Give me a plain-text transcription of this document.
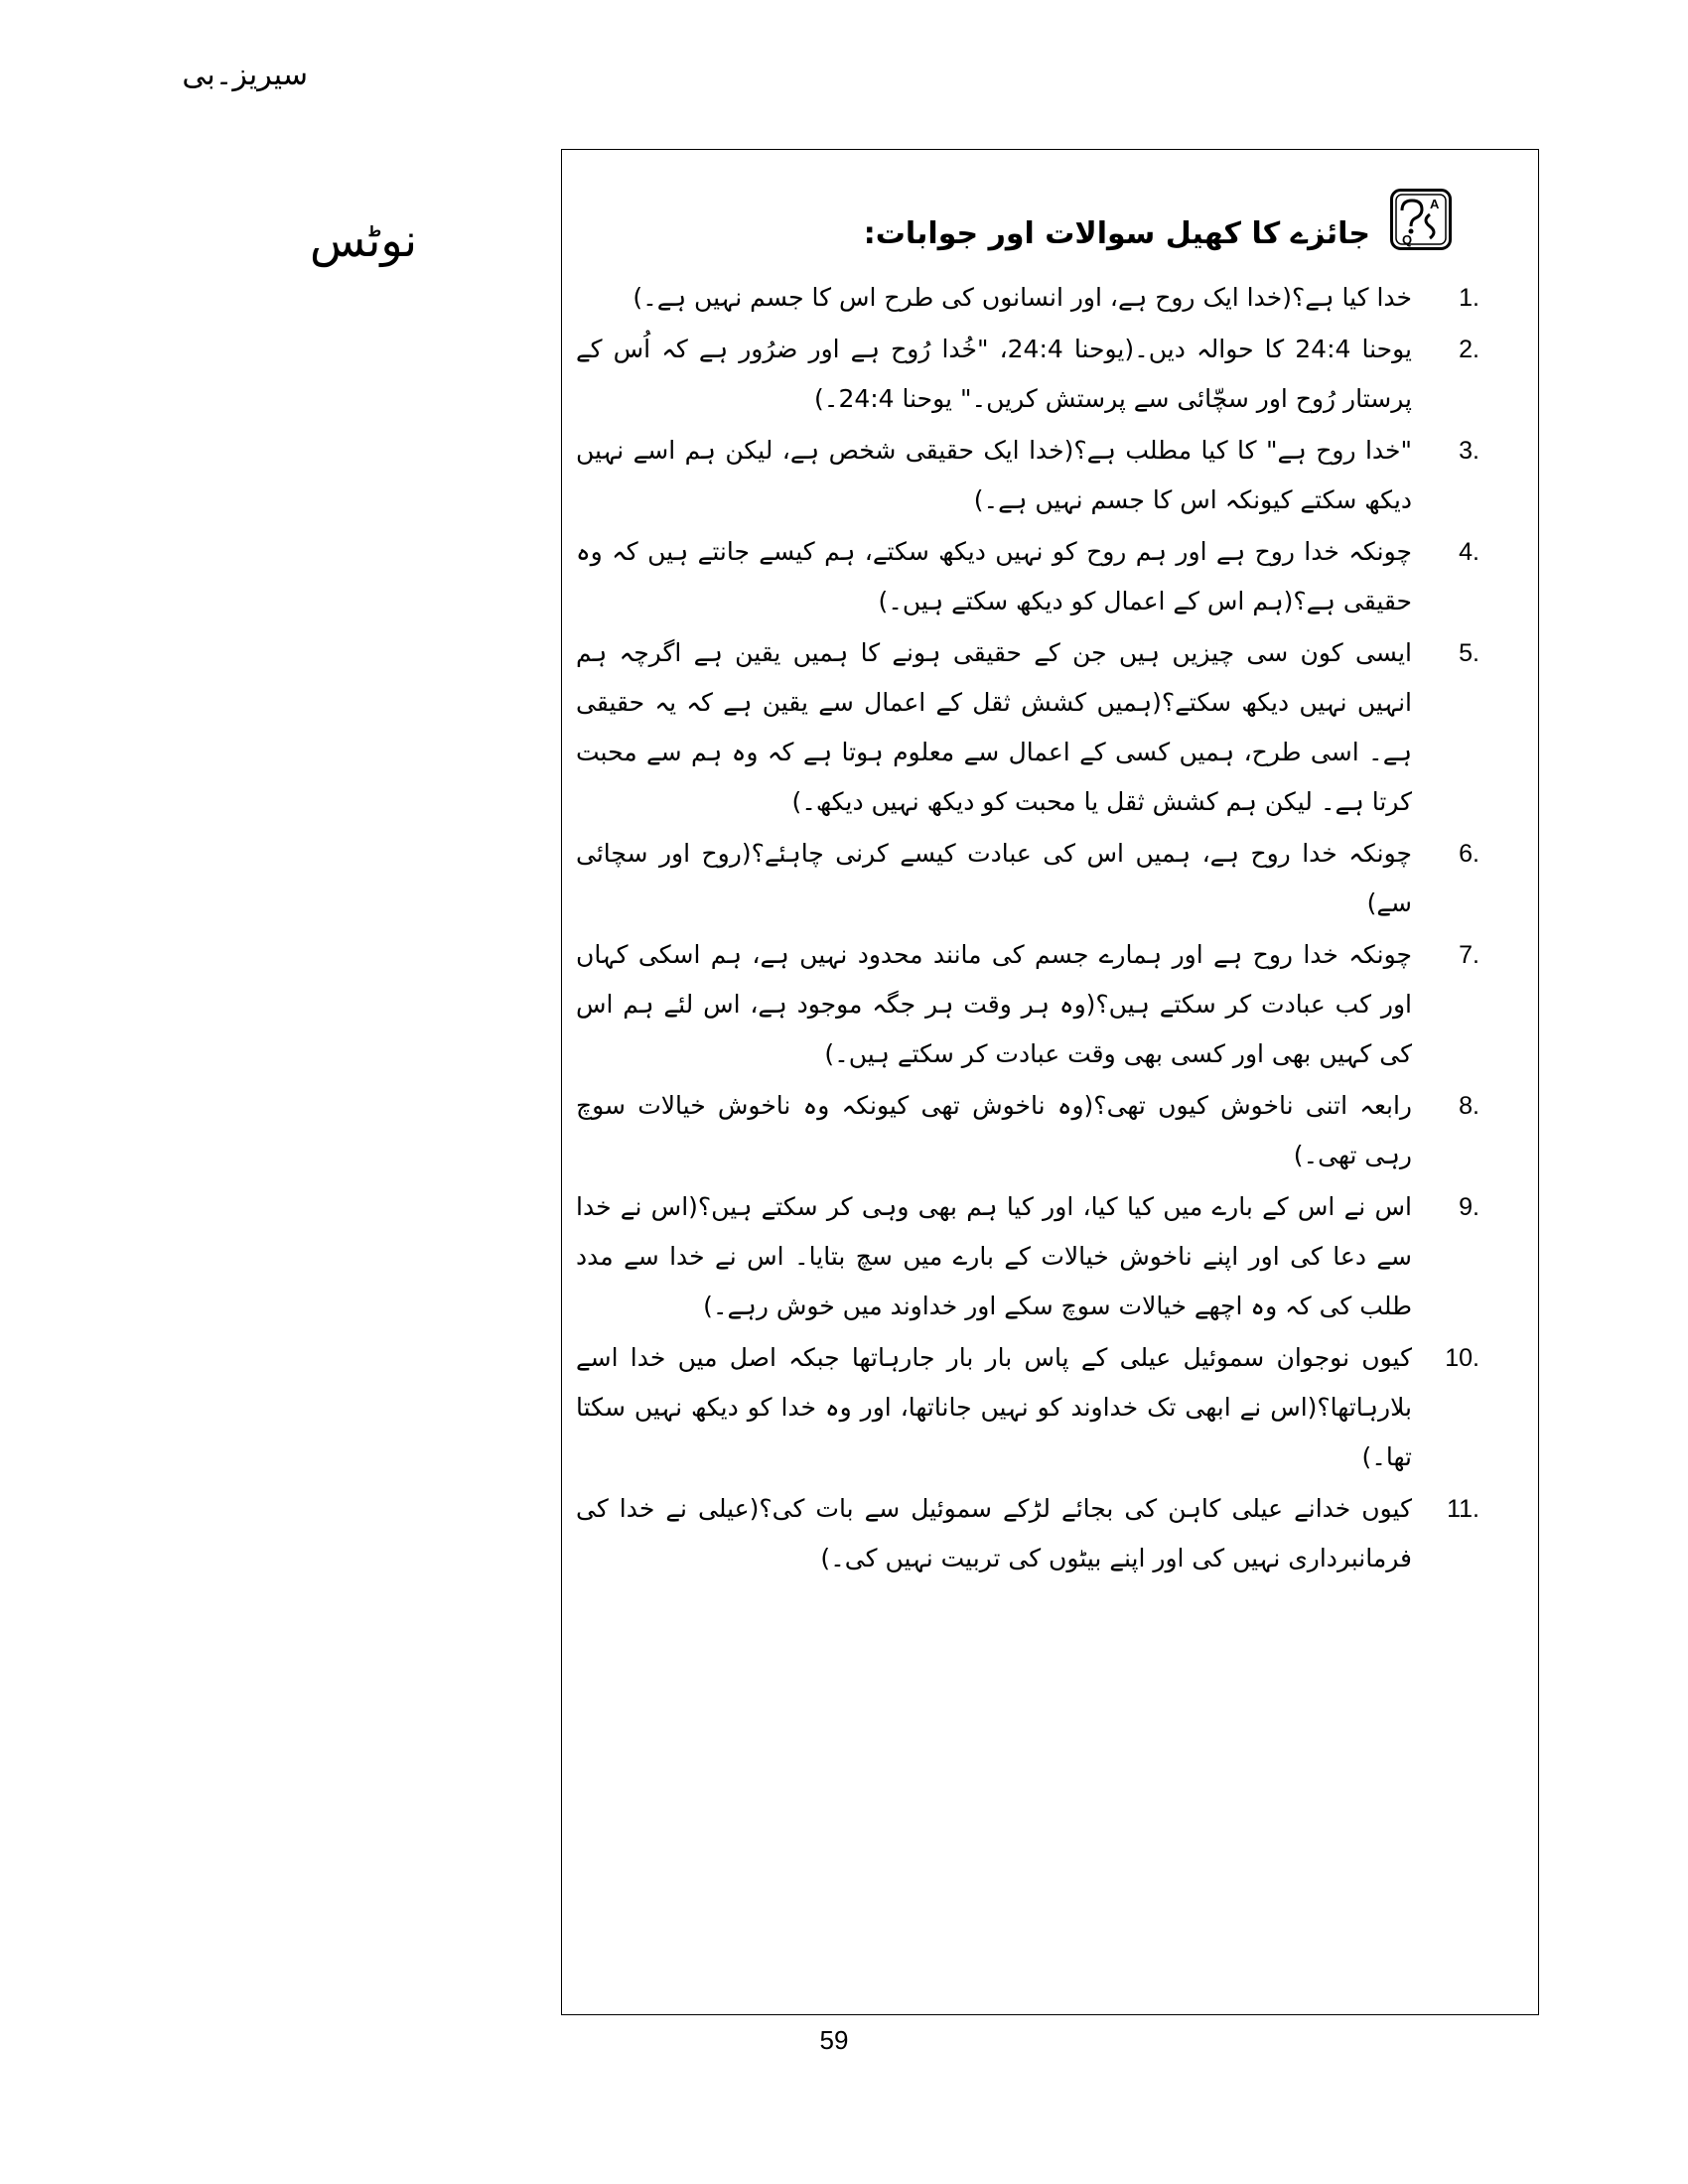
سیریز۔بی
نوٹس
A
Q
جائزے کا کھیل سوالات اور جوابات:
1.
خدا کیا ہے؟(خدا ایک روح ہے، اور انسانوں کی طرح اس کا جسم نہیں ہے۔)
2.
یوحنا 24:4 کا حوالہ دیں۔(یوحنا 24:4، "خُدا رُوح ہے اور ضرُور ہے کہ اُس کے پرستار رُوح اور سچّائی سے پرستش کریں۔" یوحنا 24:4۔)
3.
"خدا روح ہے" کا کیا مطلب ہے؟(خدا ایک حقیقی شخص ہے، لیکن ہم اسے نہیں دیکھ سکتے کیونکہ اس کا جسم نہیں ہے۔)
4.
چونکہ خدا روح ہے اور ہم روح کو نہیں دیکھ سکتے، ہم کیسے جانتے ہیں کہ وہ حقیقی ہے؟(ہم اس کے اعمال کو دیکھ سکتے ہیں۔)
5.
ایسی کون سی چیزیں ہیں جن کے حقیقی ہونے کا ہمیں یقین ہے اگرچہ ہم انہیں نہیں دیکھ سکتے؟(ہمیں کشش ثقل کے اعمال سے یقین ہے کہ یہ حقیقی ہے۔ اسی طرح، ہمیں کسی کے اعمال سے معلوم ہوتا ہے کہ وہ ہم سے محبت کرتا ہے۔ لیکن ہم کشش ثقل یا محبت کو دیکھ نہیں دیکھ۔)
6.
چونکہ خدا روح ہے، ہمیں اس کی عبادت کیسے کرنی چاہئے؟(روح اور سچائی سے)
7.
چونکہ خدا روح ہے اور ہمارے جسم کی مانند محدود نہیں ہے، ہم اسکی کہاں اور کب عبادت کر سکتے ہیں؟(وہ ہر وقت ہر جگہ موجود ہے، اس لئے ہم اس کی کہیں بھی اور کسی بھی وقت عبادت کر سکتے ہیں۔)
8.
رابعہ اتنی ناخوش کیوں تھی؟(وہ ناخوش تھی کیونکہ وہ ناخوش خیالات سوچ رہی تھی۔)
9.
اس نے اس کے بارے میں کیا کیا، اور کیا ہم بھی وہی کر سکتے ہیں؟(اس نے خدا سے دعا کی اور اپنے ناخوش خیالات کے بارے میں سچ بتایا۔ اس نے خدا سے مدد طلب کی کہ وہ اچھے خیالات سوچ سکے اور خداوند میں خوش رہے۔)
10.
کیوں نوجوان سموئیل عیلی کے پاس بار بار جارہاتھا جبکہ اصل میں خدا اسے بلارہاتھا؟(اس نے ابھی تک خداوند کو نہیں جاناتھا، اور وہ خدا کو دیکھ نہیں سکتا تھا۔)
11.
کیوں خدانے عیلی کاہن کی بجائے لڑکے سموئیل سے بات کی؟(عیلی نے خدا کی فرمانبرداری نہیں کی اور اپنے بیٹوں کی تربیت نہیں کی۔)
59
